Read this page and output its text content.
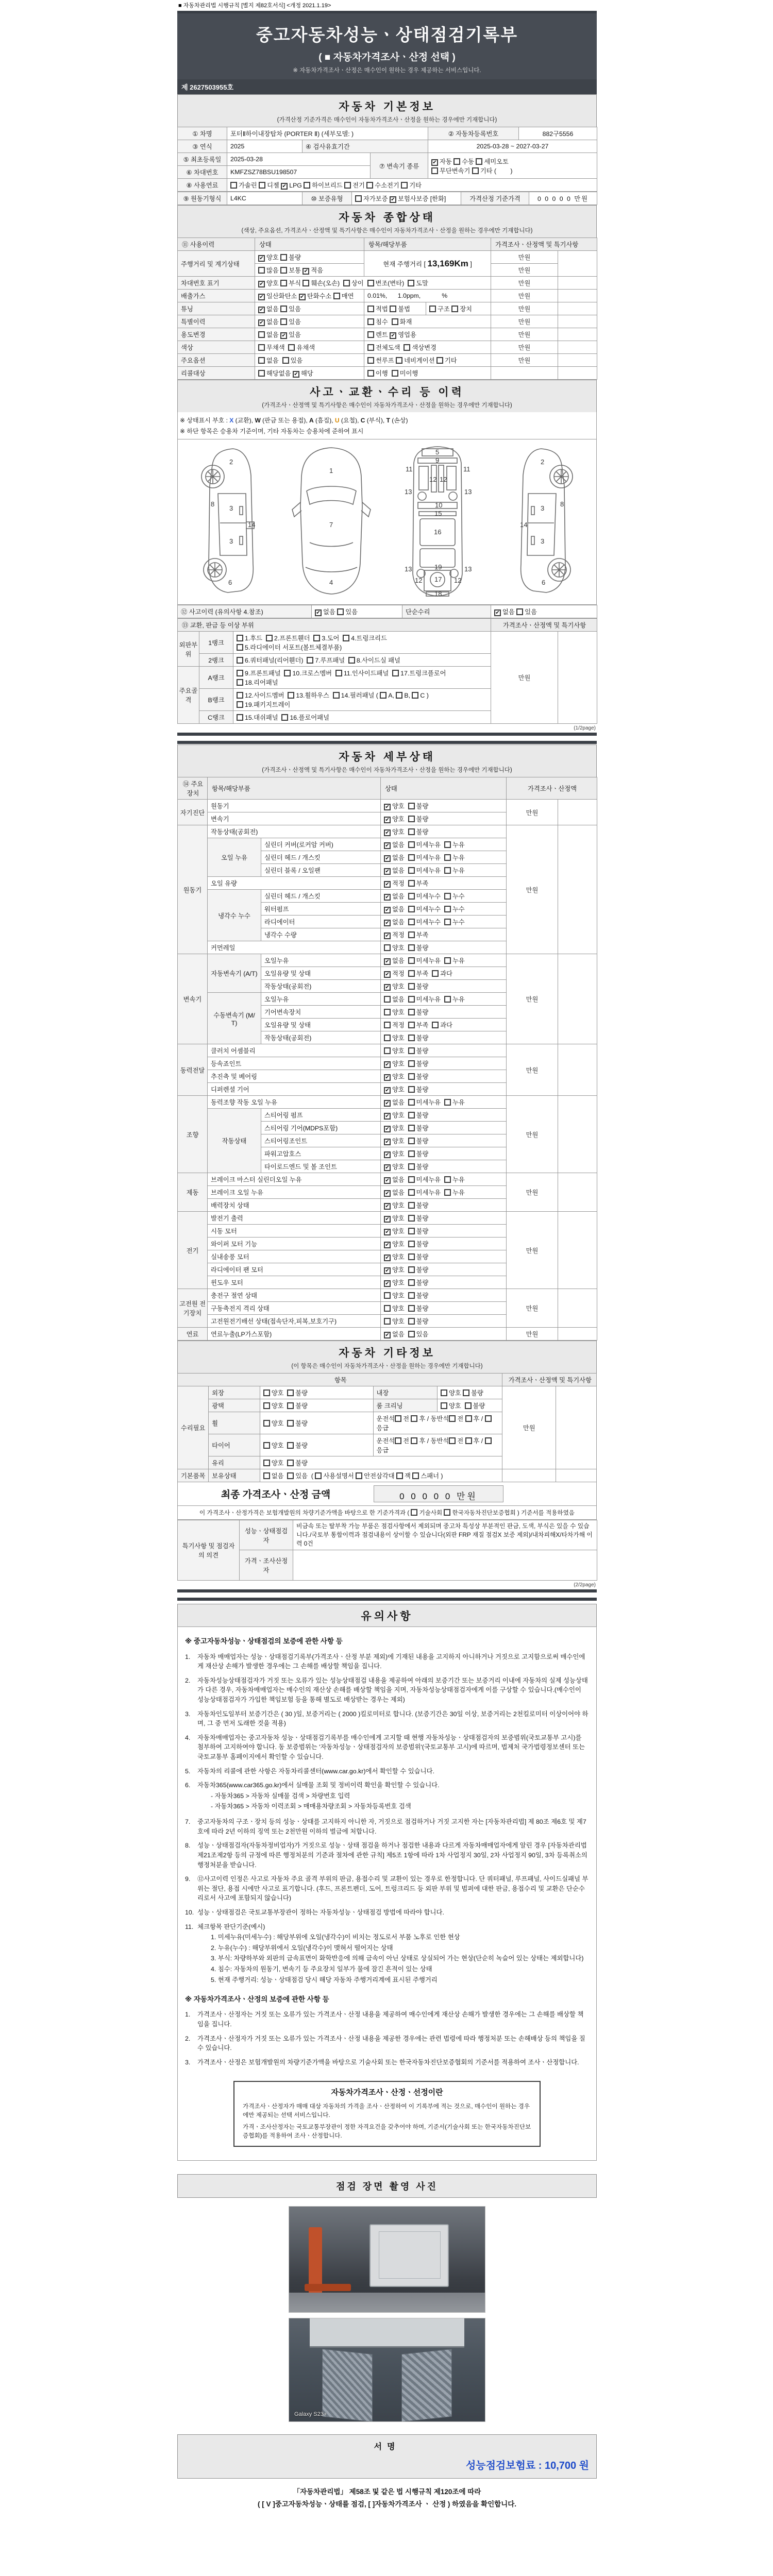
■ 자동차관리법 시행규칙 [별지 제82호서식] <개정 2021.1.19>
중고자동차성능ㆍ상태점검기록부
( ■ 자동차가격조사ㆍ산정 선택 )
※ 자동차가격조사ㆍ산정은 매수인이 원하는 경우 제공하는 서비스입니다.
제 2627503955호
자동차 기본정보
(가격산정 기준가격은 매수인이 자동차가격조사ㆍ산정을 원하는 경우에만 기재합니다)
① 차명	포터Ⅱ하이내장탑차 (PORTER Ⅱ) (세부모델: )			② 자동차등록번호	882구5556
③ 연식	2025	④ 검사유효기간		2025-03-28 ~ 2027-03-27	
⑤ 최초등록일	2025-03-28		⑦ 변속기 종류	✔ 자동 수동 세미오토
무단변속기 기타 (        )	
⑥ 차대번호	KMFZSZ78BSU198507				
⑧ 사용연료	가솔린 디젤 ✔ LPG 하이브리드 전기 수소전기 기타				
⑨ 원동기형식	L4KC	⑩ 보증유형	자가보증 ✔ 보험사보증 [한화]	가격산정 기준가격	0 0 0 0 0 만원
자동차 종합상태
(색상, 주요옵션, 가격조사ㆍ산정액 및 특기사항은 매수인이 자동차가격조사ㆍ산정을 원하는 경우에만 기재합니다)
⑪ 사용이력	상태	항목/해당부품		가격조사ㆍ산정액 및 특기사항	
주행거리 및 계기상태	✔ 양호 불량	현재 주행거리 [ 13,169Km ]		만원	
	많음 보통 ✔ 적음			만원	
차대번호 표기	✔ 양호 부식 훼손(오손)  상이  변조(변타)  도말			만원	
배출가스	✔ 일산화탄소 ✔ 탄화수소 매연	0.01%,      1.0ppm,            %		만원	
튜닝	✔ 없음 있음	적법 불법	구조 장치	만원	
특별이력	✔ 없음 있음	침수  화재		만원	
용도변경	없음 ✔ 있음	렌트 ✔ 영업용		만원	
색상	무채색  유채색	전체도색  색상변경		만원	
주요옵션	없음  있음	썬루프 네비게이션 기타		만원	
리콜대상	해당없음 ✔ 해당	이행  미이행			
사고ㆍ교환ㆍ수리 등 이력
(가격조사ㆍ산정액 및 특기사항은 매수인이 자동차가격조사ㆍ산정을 원하는 경우에만 기재합니다)
※ 상태표시 부호 : X (교환), W (판금 또는 용접), A (흠집), U (요철), C (부식), T (손상)
※ 하단 항목은 승용차 기준이며, 기타 자동차는 승용차에 준하여 표시
2
8
3
14
3
6
1
7
4
5
9
11	11
13	13
12 12
10
15
16
13	13
19
12	12
17
18
2
8
3
14
3
6
⑫ 사고이력 (유의사항 4.참조)	✔ 없음 있음	단순수리	✔ 없음 있음
⑬ 교환, 판금 등 이상 부위			가격조사ㆍ산정액 및 특기사항	
외판부위	1랭크	1.후드  2.프론트휀더  3.도어  4.트렁크리드
5.라디에이터 서포트(볼트체결부품)	만원	
	2랭크	6.쿼터패널(리어휀더)  7.루프패널  8.사이드실 패널		
주요골격	A랭크	9.프론트패널  10.크로스멤버  11.인사이드패널  17.트렁크플로어
18.리어패널		
	B랭크	12.사이드멤버  13.휠하우스  14.필러패널 ( A, B, C )
19.패키지트레이		
	C랭크	15.대쉬패널  16.플로어패널		
(1/2page)
자동차 세부상태
(가격조사ㆍ산정액 및 특기사항은 매수인이 자동차가격조사ㆍ산정을 원하는 경우에만 기재합니다)
⑭ 주요장치	항목/해당부품		상태	가격조사ㆍ산정액	
자기진단	원동기		✔ 양호  불량	만원	
	변속기		✔ 양호  불량		
원동기	작동상태(공회전)		✔ 양호  불량	만원	
	오일 누유	실린더 커버(로커암 커버)	✔ 없음  미세누유  누유		
		실린더 헤드 / 개스킷	✔ 없음  미세누유  누유		
		실린더 블록 / 오일팬	✔ 없음  미세누유  누유		
	오일 유량		✔ 적정  부족		
	냉각수 누수	실린더 헤드 / 개스킷	✔ 없음  미세누수  누수		
		워터펌프	✔ 없음  미세누수  누수		
		라디에이터	✔ 없음  미세누수  누수		
		냉각수 수량	✔ 적정  부족		
	커먼레일		양호  불량		
변속기	자동변속기 (A/T)	오일누유	✔ 없음  미세누유  누유	만원	
		오일유량 및 상태	✔ 적정  부족  과다		
		작동상태(공회전)	✔ 양호  불량		
	수동변속기 (M/T)	오일누유	없음  미세누유  누유		
		기어변속장치	양호  불량		
		오일유량 및 상태	적정  부족  과다		
		작동상태(공회전)	양호  불량		
동력전달	클러치 어셈블리		양호  불량	만원	
	등속죠인트		✔ 양호  불량		
	추진축 및 베어링		✔ 양호  불량		
	디퍼렌셜 기어		✔ 양호  불량		
조향	동력조향 작동 오일 누유		✔ 없음  미세누유  누유	만원	
	작동상태	스티어링 펌프	✔ 양호  불량		
		스티어링 기어(MDPS포함)	✔ 양호  불량		
		스티어링조인트	✔ 양호  불량		
		파워고압호스	✔ 양호  불량		
		타이로드엔드 및 볼 조인트	✔ 양호  불량		
제동	브레이크 마스터 실린더오일 누유		✔ 없음  미세누유  누유	만원	
	브레이크 오일 누유		✔ 없음  미세누유  누유		
	배력장치 상태		✔ 양호  불량		
전기	발전기 출력		✔ 양호  불량	만원	
	시동 모터		✔ 양호  불량		
	와이퍼 모터 기능		✔ 양호  불량		
	실내송풍 모터		✔ 양호  불량		
	라디에이터 팬 모터		✔ 양호  불량		
	윈도우 모터		✔ 양호  불량		
고전원 전기장치	충전구 절연 상태		양호  불량	만원	
	구동축전지 격리 상태		양호  불량		
	고전원전기배선 상태(접속단자,피복,보호기구)		양호  불량		
연료	연료누출(LP가스포함)		✔ 없음  있음	만원	
자동차 기타정보
(이 항목은 매수인이 자동차가격조사ㆍ산정을 원하는 경우에만 기재합니다)
항목					가격조사ㆍ산정액 및 특기사항	
수리필요	외장	양호  불량	내장	양호 불량	만원	
	광택	양호  불량	룸 크리닝	양호  불량		
	휠	양호  불량	운전석 전 후 / 동반석 전 후 / 응급			
	타이어	양호  불량	운전석 전 후 / 동반석 전 후 / 응급			
	유리	양호  불량				
기본품목	보유상태	없음  있음  ( 사용설명서 안전삼각대 잭 스패너 )				
최종 가격조사ㆍ산정 금액	0 0 0 0 0 만원
이 가격조사ㆍ산정가격은 보험개발원의 차량기준가액을 바탕으로 한 기준가격과 ( 기술사회 한국자동차진단보증협회 ) 기준서를 적용하였음
특기사항 및 점검자의 의견	성능ㆍ상태점검자	비금속 또는 탈부착 가능 부품은 점검사항에서 제외되며 중고차 특성상 부분적인 판금, 도색, 부식은 있을 수 있습니다./국토부 통합이력과 점검내용이 상이할 수 있습니다(외판 FRP 재질 점검X 보증 제외)/내차피해X/타차가해 이력 0건
	가격ㆍ조사산정자	
(2/2page)
유의사항
※ 중고자동차성능ㆍ상태점검의 보증에 관한 사항 등
1.	자동차 매매업자는 성능ㆍ상태점검기록부(가격조사ㆍ산정 부분 제외)에 기재된 내용을 고지하지 아니하거나 거짓으로 고지함으로써 매수인에게 재산상 손해가 발생한 경우에는 그 손해를 배상할 책임을 집니다.
2.	자동차성능상태점검자가 거짓 또는 오류가 있는 성능상태점검 내용을 제공하여 아래의 보증기간 또는 보증거리 이내에 자동차의 실제 성능상태가 다른 경우, 자동차매매업자는 매수인의 재산상 손해를 배상할 책임을 지며, 자동차성능상태점검자에게 이를 구상할 수 있습니다.(매수인이 성능상태점검자가 가입한 책임보험 등을 통해 별도로 배상받는 경우는 제외)
3.	자동차인도일부터 보증기간은 ( 30 )일, 보증거리는 ( 2000 )킬로미터로 합니다. (보증기간은 30일 이상, 보증거리는 2천킬로미터 이상이어야 하며, 그 중 먼저 도래한 것을 적용)
4.	자동차매매업자는 중고자동차 성능ㆍ상태점검기록부를 매수인에게 고지할 때 현행 자동차성능ㆍ상태점검자의 보증범위(국토교통부 고시)를 첨부하여 고지하여야 합니다. 동 보증범위는 '자동차성능ㆍ상태점검자의 보증범위'(국토교통부 고시)에 따르며, 법제처 국가법령정보센터 또는 국토교통부 홈페이지에서 확인할 수 있습니다.
5.	자동차의 리콜에 관한 사항은 자동차리콜센터(www.car.go.kr)에서 확인할 수 있습니다.
6.	자동차365(www.car365.go.kr)에서 실매물 조회 및 정비이력 확인을 확인할 수 있습니다.
- 자동차365 > 자동차 실매물 검색 > 차량번호 입력
- 자동차365 > 자동차 이력조회 > 매매용차량조회 > 자동차등록번호 검색
7.	중고자동차의 구조ㆍ장치 등의 성능ㆍ상태를 고지하지 아니한 자, 거짓으로 점검하거나 거짓 고지한 자는 [자동차관리법] 제 80조 제6호 및 제7호에 따라 2년 이하의 징역 또는 2천만원 이하의 벌금에 처합니다.
8.	성능ㆍ상태점검자(자동차정비업자)가 거짓으로 성능ㆍ상태 점검을 하거나 점검한 내용과 다르게 자동차매매업자에게 알린 경우 [자동차관리법 제21조제2항 등의 규정에 따른 행정처분의 기준과 절차에 관한 규칙] 제5조 1항에 따라 1차 사업정지 30일, 2차 사업정지 90일, 3차 등록취소의 행정처분을 받습니다.
9.	⑫사고이력 인정은 사고로 자동차 주요 골격 부위의 판금, 용접수리 및 교환이 있는 경우로 한정합니다. 단 쿼터패널, 루프패널, 사이드실패널 부위는 절단, 용접 시에만 사고로 표기합니다. (후드, 프론트펜더, 도어, 트렁크리드 등 외판 부위 및 범퍼에 대한 판금, 용접수리 및 교환은 단순수리로서 사고에 포함되지 않습니다)
10. 성능ㆍ상태점검은 국토교통부장관이 정하는 자동차성능ㆍ상태점검 방법에 따라야 합니다.
11. 체크항목 판단기준(예시)
1. 미세누유(미세누수) : 해당부위에 오일(냉각수)이 비치는 정도로서 부품 노후로 인한 현상
2. 누유(누수) : 해당부위에서 오일(냉각수)이 맺혀서 떨어지는 상태
3. 부식: 차량하부와 외판의 금속표면이 화학반응에 의해 금속이 아닌 상태로 상실되어 가는 현상(단순히 녹슬어 있는 상태는 제외합니다)
4. 침수: 자동차의 원동기, 변속기 등 주요장치 일부가 물에 잠긴 흔적이 있는 상태
5. 현재 주행거리: 성능ㆍ상태점검 당시 해당 자동차 주행거리계에 표시된 주행거리
※ 자동차가격조사ㆍ산정의 보증에 관한 사항 등
1.	가격조사ㆍ산정자는 거짓 또는 오류가 있는 가격조사ㆍ산정 내용을 제공하여 매수인에게 재산상 손해가 발생한 경우에는 그 손해를 배상할 책임을 집니다.
2.	가격조사ㆍ산정자가 거짓 또는 오류가 있는 가격조사ㆍ산정 내용을 제공한 경우에는 관련 법령에 따라 행정처분 또는 손해배상 등의 책임을 질 수 있습니다.
3.	가격조사ㆍ산정은 보험개발원의 차량기준가액을 바탕으로 기술사회 또는 한국자동차진단보증협회의 기준서를 적용하여 조사ㆍ산정합니다.
자동차가격조사ㆍ산정ㆍ선정이란
가격조사ㆍ산정자가 매매 대상 자동차의 가격을 조사ㆍ산정하여 이 기록부에 적는 것으로, 매수인이 원하는 경우에만 제공되는 선택 서비스입니다.
가격ㆍ조사산정자는 국토교통부장관이 정한 자격요건을 갖추어야 하며, 기준서(기술사회 또는 한국자동차진단보증협회)를 적용하여 조사ㆍ산정합니다.
점검 장면 촬영 사진
Galaxy S23+
서명
성능점검보험료 : 10,700 원
「자동차관리법」 제58조 및 같은 법 시행규칙 제120조에 따라
( [ V ]중고자동차성능ㆍ상태를 점검, [ ]자동차가격조사 ㆍ 산정 ) 하였음을 확인합니다.
